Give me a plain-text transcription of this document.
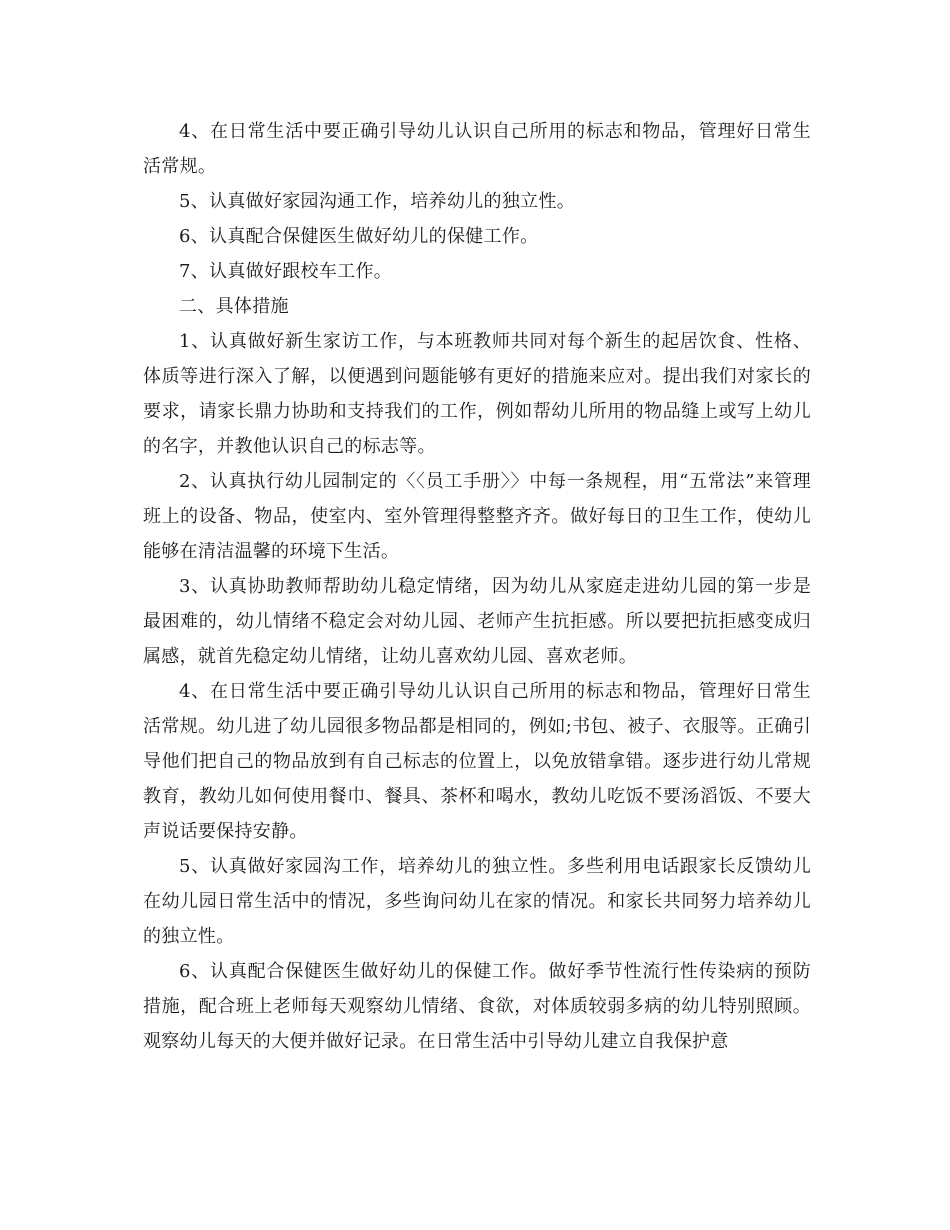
4、在日常生活中要正确引导幼儿认识自己所用的标志和物品，管理好日常生活常规。

5、认真做好家园沟通工作，培养幼儿的独立性。

6、认真配合保健医生做好幼儿的保健工作。

7、认真做好跟校车工作。

二、具体措施

1、认真做好新生家访工作，与本班教师共同对每个新生的起居饮食、性格、体质等进行深入了解，以便遇到问题能够有更好的措施来应对。提出我们对家长的要求，请家长鼎力协助和支持我们的工作，例如帮幼儿所用的物品缝上或写上幼儿的名字，并教他认识自己的标志等。

2、认真执行幼儿园制定的〈〈员工手册〉〉中每一条规程，用“五常法”来管理班上的设备、物品，使室内、室外管理得整整齐齐。做好每日的卫生工作，使幼儿能够在清洁温馨的环境下生活。

3、认真协助教师帮助幼儿稳定情绪，因为幼儿从家庭走进幼儿园的第一步是最困难的，幼儿情绪不稳定会对幼儿园、老师产生抗拒感。所以要把抗拒感变成归属感，就首先稳定幼儿情绪，让幼儿喜欢幼儿园、喜欢老师。

4、在日常生活中要正确引导幼儿认识自己所用的标志和物品，管理好日常生活常规。幼儿进了幼儿园很多物品都是相同的，例如;书包、被子、衣服等。正确引导他们把自己的物品放到有自己标志的位置上，以免放错拿错。逐步进行幼儿常规教育，教幼儿如何使用餐巾、餐具、茶杯和喝水，教幼儿吃饭不要汤滔饭、不要大声说话要保持安静。

5、认真做好家园沟工作，培养幼儿的独立性。多些利用电话跟家长反馈幼儿在幼儿园日常生活中的情况，多些询问幼儿在家的情况。和家长共同努力培养幼儿的独立性。

6、认真配合保健医生做好幼儿的保健工作。做好季节性流行性传染病的预防措施，配合班上老师每天观察幼儿情绪、食欲，对体质较弱多病的幼儿特别照顾。观察幼儿每天的大便并做好记录。在日常生活中引导幼儿建立自我保护意
